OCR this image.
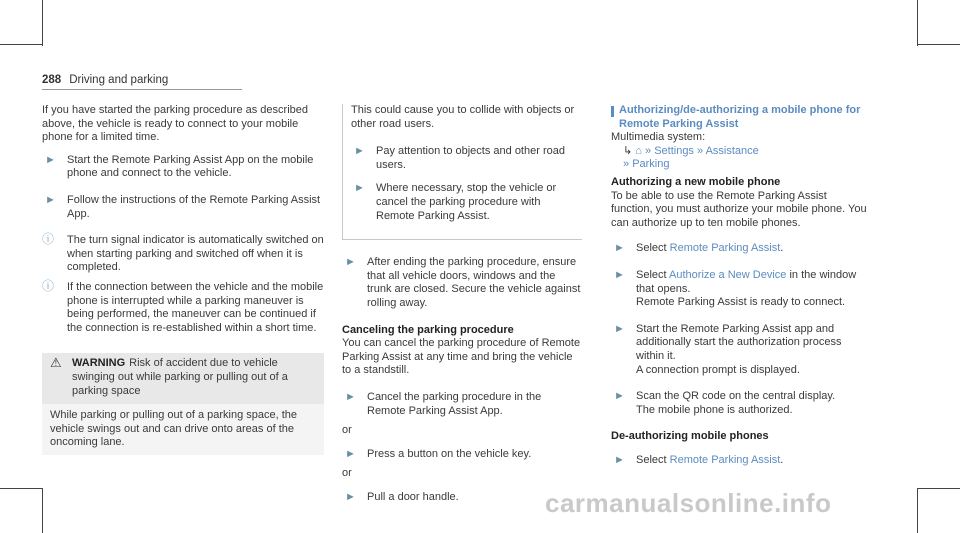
288 Driving and parking

If you have started the parking procedure as described above, the vehicle is ready to connect to your mobile phone for a limited time.

► Start the Remote Parking Assist App on the mobile phone and connect to the vehicle.
► Follow the instructions of the Remote Parking Assist App.
ⓘ The turn signal indicator is automatically switched on when starting parking and switched off when it is completed.
ⓘ If the connection between the vehicle and the mobile phone is interrupted while a parking maneuver is being performed, the maneuver can be continued if the connection is re-established within a short time.
⚠ WARNING Risk of accident due to vehicle swinging out while parking or pulling out of a parking space
While parking or pulling out of a parking space, the vehicle swings out and can drive onto areas of the oncoming lane.

This could cause you to collide with objects or other road users.

► Pay attention to objects and other road users.
► Where necessary, stop the vehicle or cancel the parking procedure with Remote Parking Assist.
► After ending the parking procedure, ensure that all vehicle doors, windows and the trunk are closed. Secure the vehicle against rolling away.

Canceling the parking procedure

You can cancel the parking procedure of Remote Parking Assist at any time and bring the vehicle to a standstill.

► Cancel the parking procedure in the Remote Parking Assist App.

or

► Press a button on the vehicle key.

or

► Pull a door handle.

Authorizing/de-authorizing a mobile phone for Remote Parking Assist

Multimedia system:

↳ ⌂ » Settings » Assistance

» Parking

Authorizing a new mobile phone

To be able to use the Remote Parking Assist function, you must authorize your mobile phone. You can authorize up to ten mobile phones.

► Select Remote Parking Assist.
► Select Authorize a New Device in the window that opens.
Remote Parking Assist is ready to connect.
► Start the Remote Parking Assist app and additionally start the authorization process within it.
A connection prompt is displayed.
► Scan the QR code on the central display.
The mobile phone is authorized.

De-authorizing mobile phones

► Select Remote Parking Assist.
carmanualsonline.info
